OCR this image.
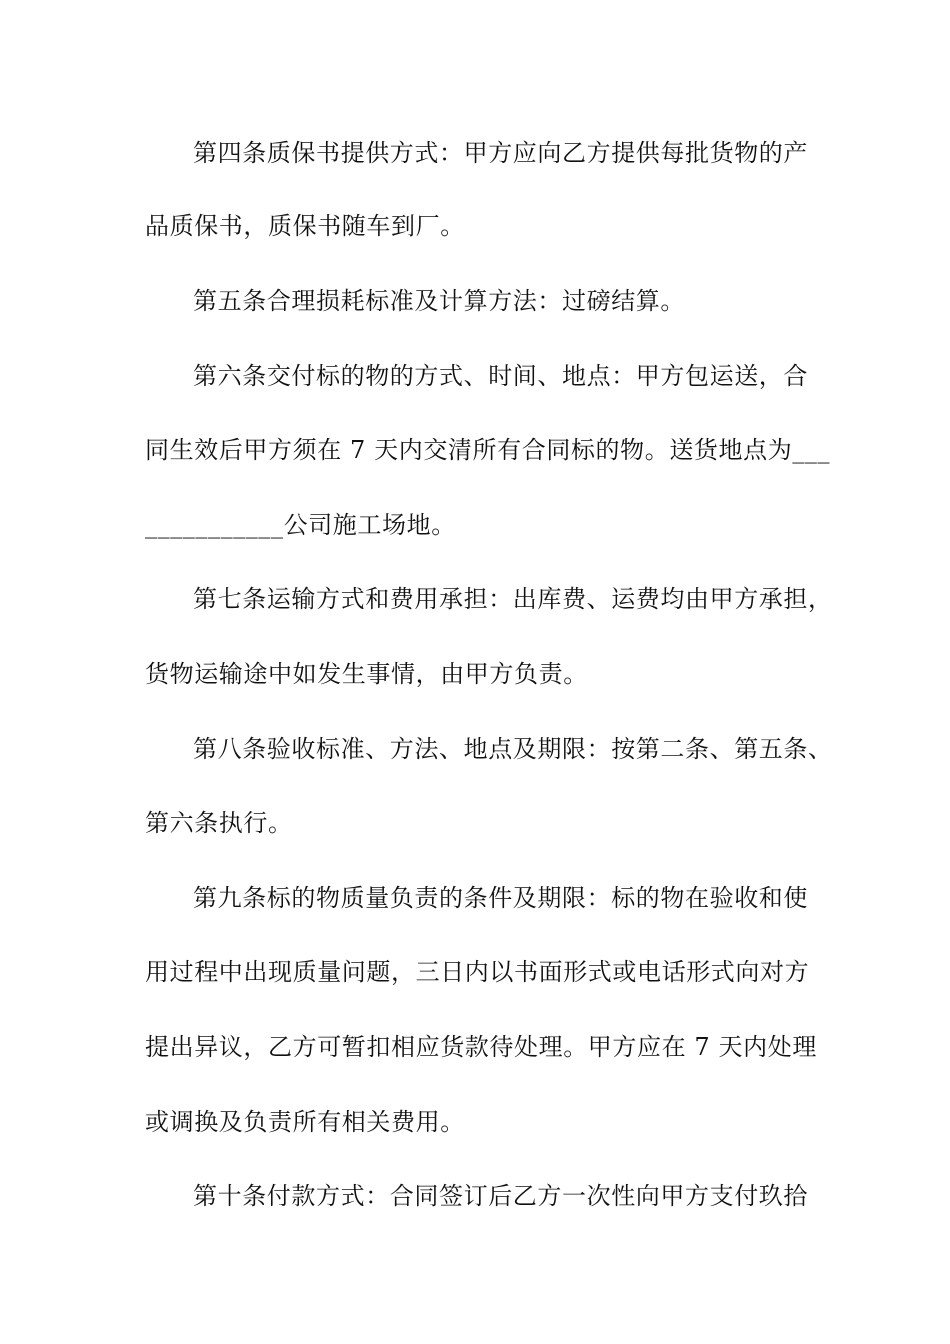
第四条质保书提供方式：甲方应向乙方提供每批货物的产
品质保书，质保书随车到厂。
第五条合理损耗标准及计算方法：过磅结算。
第六条交付标的物的方式、时间、地点：甲方包运送，合
同生效后甲方须在 7 天内交清所有合同标的物。送货地点为___
___________公司施工场地。
第七条运输方式和费用承担：出库费、运费均由甲方承担，
货物运输途中如发生事情，由甲方负责。
第八条验收标准、方法、地点及期限：按第二条、第五条、
第六条执行。
第九条标的物质量负责的条件及期限：标的物在验收和使
用过程中出现质量问题，三日内以书面形式或电话形式向对方
提出异议，乙方可暂扣相应货款待处理。甲方应在 7 天内处理
或调换及负责所有相关费用。
第十条付款方式：合同签订后乙方一次性向甲方支付玖拾
